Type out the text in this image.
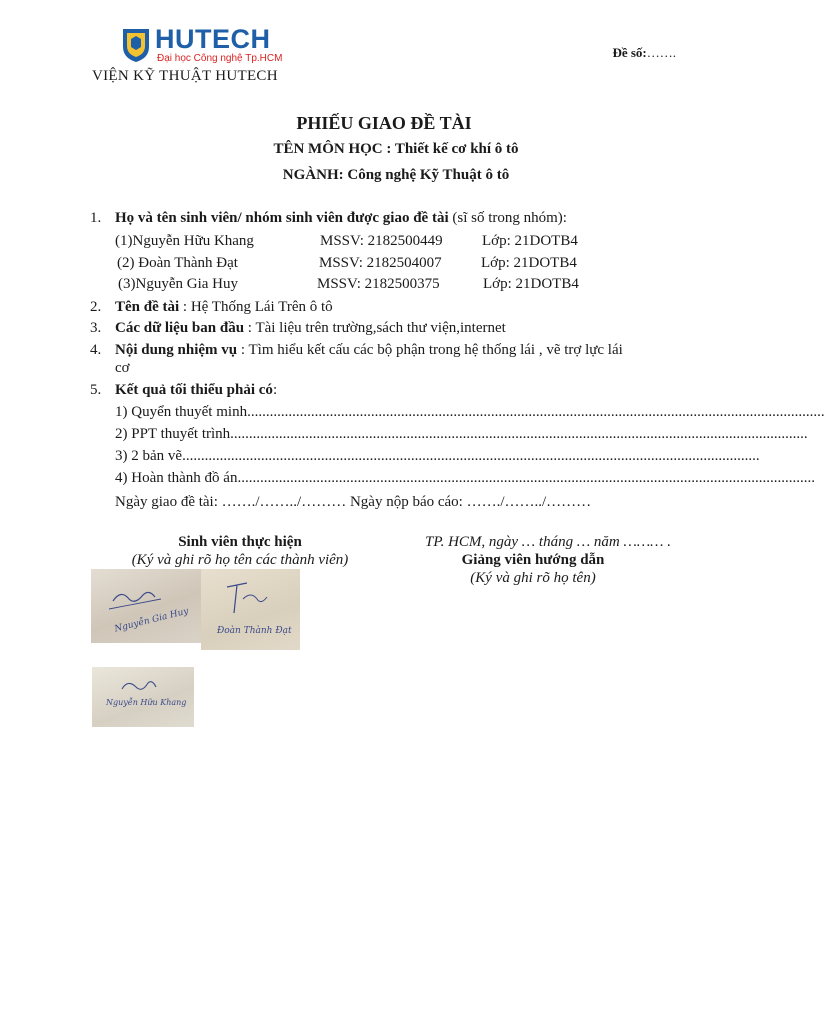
HUTECH
Đại học Công nghệ Tp.HCM	Đề số:…….
VIỆN KỸ THUẬT HUTECH
PHIẾU GIAO ĐỀ TÀI
TÊN MÔN HỌC : Thiết kế cơ khí ô tô
NGÀNH: Công nghệ Kỹ Thuật ô tô
1. Họ và tên sinh viên/ nhóm sinh viên được giao đề tài (sĩ số trong nhóm):
(1)Nguyễn Hữu Khang	MSSV: 2182500449	Lớp: 21DOTB4
(2) Đoàn Thành Đạt	MSSV: 2182504007	Lớp: 21DOTB4
(3)Nguyễn Gia Huy	MSSV: 2182500375	Lớp: 21DOTB4
2. Tên đề tài : Hệ Thống Lái Trên ô tô
3. Các dữ liệu ban đầu : Tài liệu trên trường,sách thư viện,internet
4. Nội dung nhiệm vụ : Tìm hiểu kết cấu các bộ phận trong hệ thống lái , vẽ trợ lực lái
cơ
5. Kết quả tối thiểu phải có:
1) Quyển thuyết minh..........................................................................................................................................................
2) PPT thuyết trình..........................................................................................................................................................
3) 2 bản vẽ..........................................................................................................................................................
4) Hoàn thành đồ án..........................................................................................................................................................
Ngày giao đề tài: ……./……../……… Ngày nộp báo cáo: ……./……../………
Sinh viên thực hiện
(Ký và ghi rõ họ tên các thành viên)
TP. HCM, ngày … tháng … năm ……… .
Giảng viên hướng dẫn
(Ký và ghi rõ họ tên)
Nguyễn Gia Huy	Đoàn Thành Đạt
Nguyễn Hữu Khang
